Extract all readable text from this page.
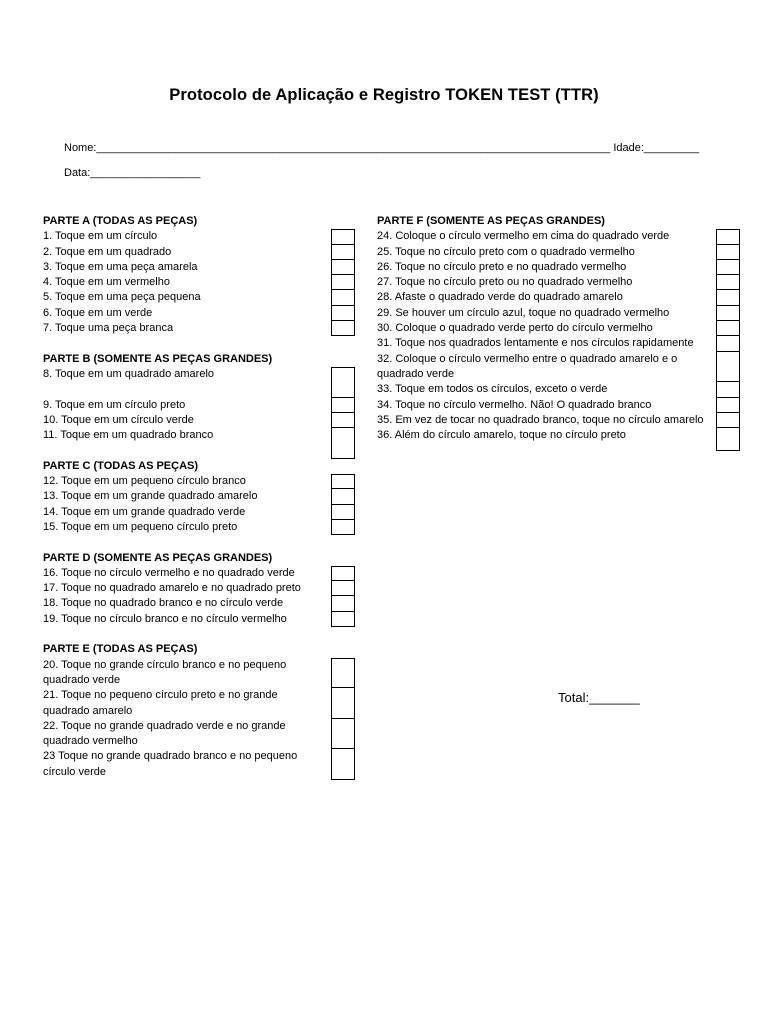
Protocolo de Aplicação e Registro TOKEN TEST (TTR)
Nome:____________________________________________________________________________________ Idade:_________
Data:__________________
PARTE A (TODAS AS PEÇAS)
1. Toque em um círculo
2. Toque em um quadrado
3. Toque em uma peça amarela
4. Toque em um vermelho
5. Toque em uma peça pequena
6. Toque em um verde
7. Toque uma peça branca
PARTE B (SOMENTE AS PEÇAS GRANDES)
8. Toque em um quadrado amarelo
9. Toque em um círculo preto
10. Toque em um círculo verde
11. Toque em um quadrado branco
PARTE C (TODAS AS PEÇAS)
12. Toque em um pequeno círculo branco
13. Toque em um grande quadrado amarelo
14. Toque em um grande quadrado verde
15. Toque em um pequeno círculo preto
PARTE D (SOMENTE AS PEÇAS GRANDES)
16. Toque no círculo vermelho e no quadrado verde
17. Toque no quadrado amarelo e no quadrado preto
18. Toque no quadrado branco e no círculo verde
19. Toque no círculo branco e no círculo vermelho
PARTE E (TODAS AS PEÇAS)
20. Toque no grande círculo branco e no pequeno quadrado verde
21. Toque no pequeno círculo preto e no grande quadrado amarelo
22. Toque no grande quadrado verde e no grande quadrado vermelho
23 Toque no grande quadrado branco e no pequeno círculo verde
PARTE F (SOMENTE AS PEÇAS GRANDES)
24. Coloque o círculo vermelho em cima do quadrado verde
25. Toque no círculo preto com o quadrado vermelho
26. Toque no círculo preto e no quadrado vermelho
27. Toque no círculo preto ou no quadrado vermelho
28. Afaste o quadrado verde do quadrado amarelo
29. Se houver um círculo azul, toque no quadrado vermelho
30. Coloque o quadrado verde perto do círculo vermelho
31. Toque nos quadrados lentamente e nos círculos rapidamente
32. Coloque o círculo vermelho entre o quadrado amarelo e o quadrado verde
33. Toque em todos os círculos, exceto o verde
34. Toque no círculo vermelho. Não! O quadrado branco
35. Em vez de tocar no quadrado branco, toque no círculo amarelo
36. Além do círculo amarelo, toque no círculo preto
Total:_______
